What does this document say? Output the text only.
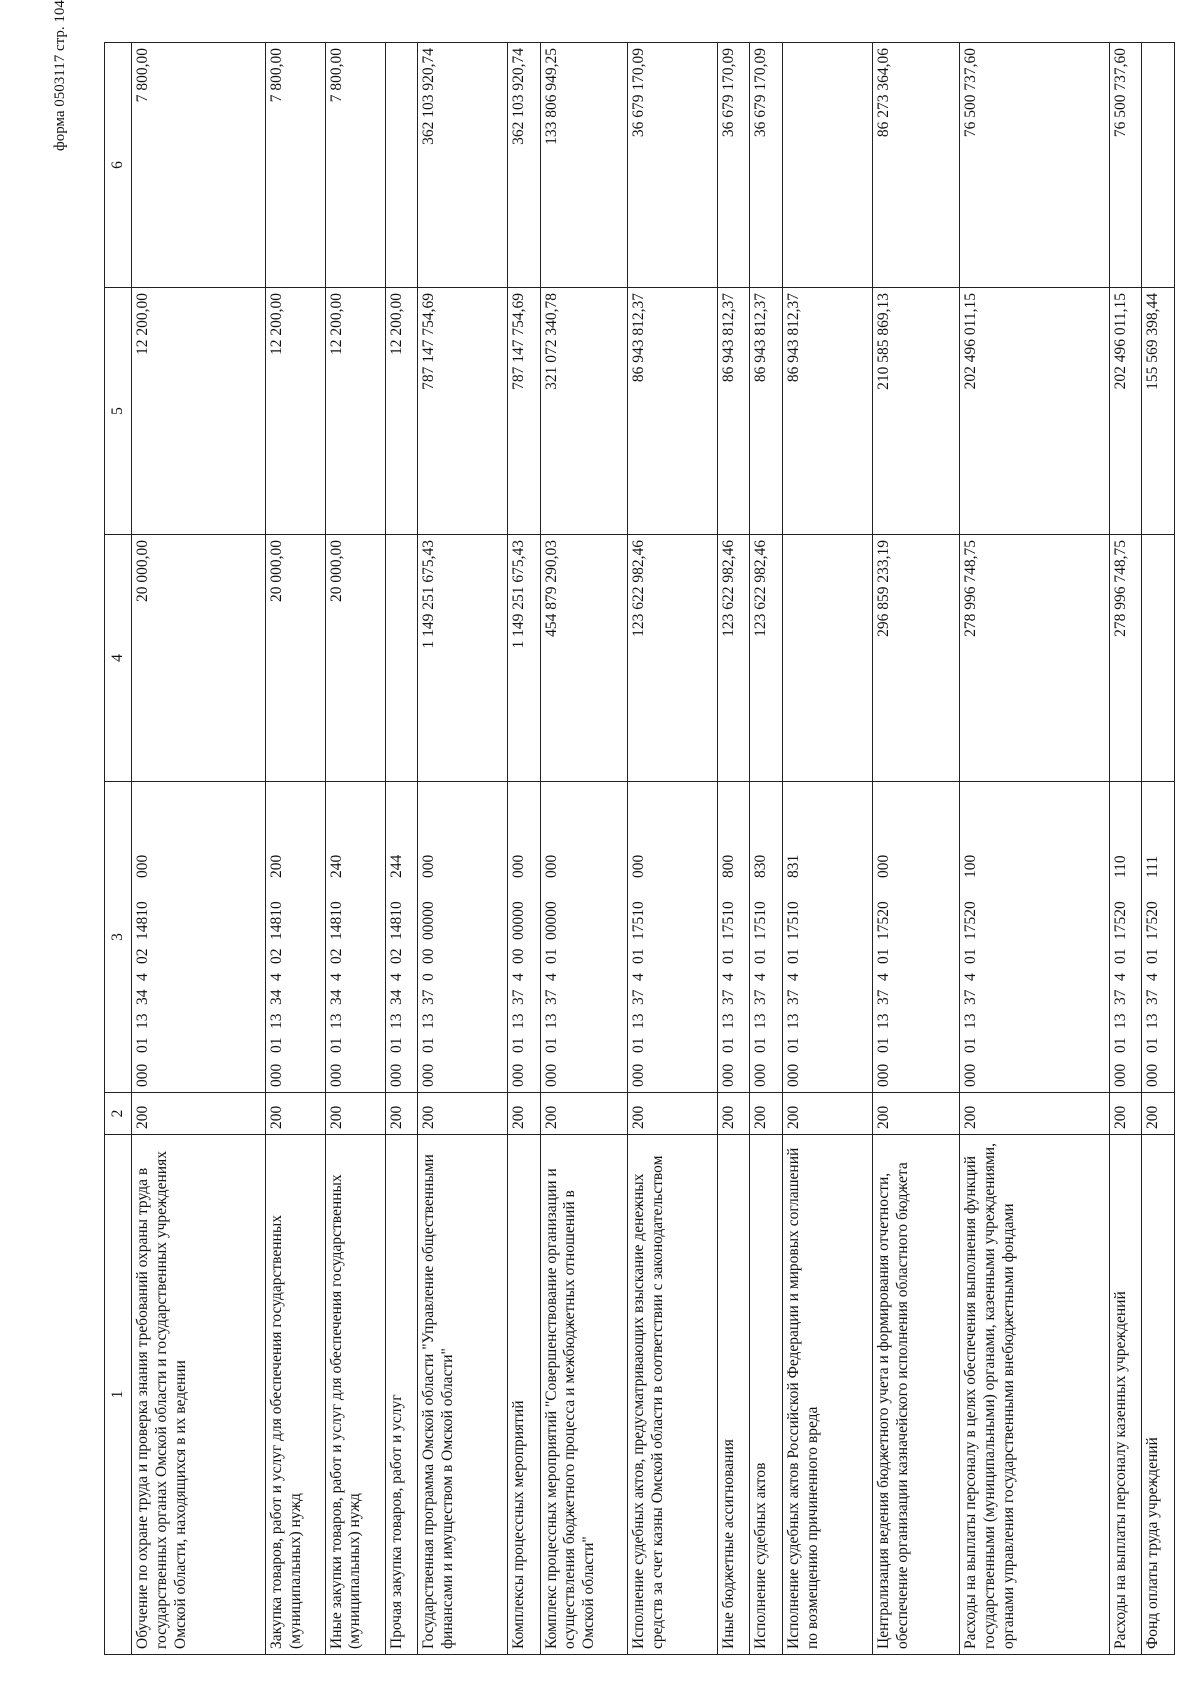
форма 0503117 стр. 104
1	2	3	4	5	6
Обучение по охране труда и проверка знания требований охраны труда в государственных органах Омской области и государственных учреждениях Омской области, находящихся в их ведении	200	00001133440214810000	20 000,00	12 200,00	7 800,00
Закупка товаров, работ и услуг для обеспечения государственных (муниципальных) нужд	200	00001133440214810200	20 000,00	12 200,00	7 800,00
Иные закупки товаров, работ и услуг для обеспечения государственных (муниципальных) нужд	200	00001133440214810240	20 000,00	12 200,00	7 800,00
Прочая закупка товаров, работ и услуг	200	00001133440214810244		12 200,00	
Государственная программа Омской области "Управление общественными финансами и имуществом в Омской области"	200	00001133700000000000	1 149 251 675,43	787 147 754,69	362 103 920,74
Комплексы процессных мероприятий	200	00001133740000000000	1 149 251 675,43	787 147 754,69	362 103 920,74
Комплекс процессных мероприятий "Совершенствование организации и осуществления бюджетного процесса и межбюджетных отношений в Омской области"	200	00001133740100000000	454 879 290,03	321 072 340,78	133 806 949,25
Исполнение судебных актов, предусматривающих взыскание денежных средств за счет казны Омской области в соответствии с законодательством	200	00001133740117510000	123 622 982,46	86 943 812,37	36 679 170,09
Иные бюджетные ассигнования	200	00001133740117510800	123 622 982,46	86 943 812,37	36 679 170,09
Исполнение судебных актов	200	00001133740117510830	123 622 982,46	86 943 812,37	36 679 170,09
Исполнение судебных актов Российской Федерации и мировых соглашений по возмещению причиненного вреда	200	00001133740117510831		86 943 812,37	
Централизация ведения бюджетного учета и формирования отчетности, обеспечение организации казначейского исполнения областного бюджета	200	00001133740117520000	296 859 233,19	210 585 869,13	86 273 364,06
Расходы на выплаты персоналу в целях обеспечения выполнения функций государственными (муниципальными) органами, казенными учреждениями, органами управления государственными внебюджетными фондами	200	00001133740117520100	278 996 748,75	202 496 011,15	76 500 737,60
Расходы на выплаты персоналу казенных учреждений	200	00001133740117520110	278 996 748,75	202 496 011,15	76 500 737,60
Фонд оплаты труда учреждений	200	00001133740117520111		155 569 398,44	
